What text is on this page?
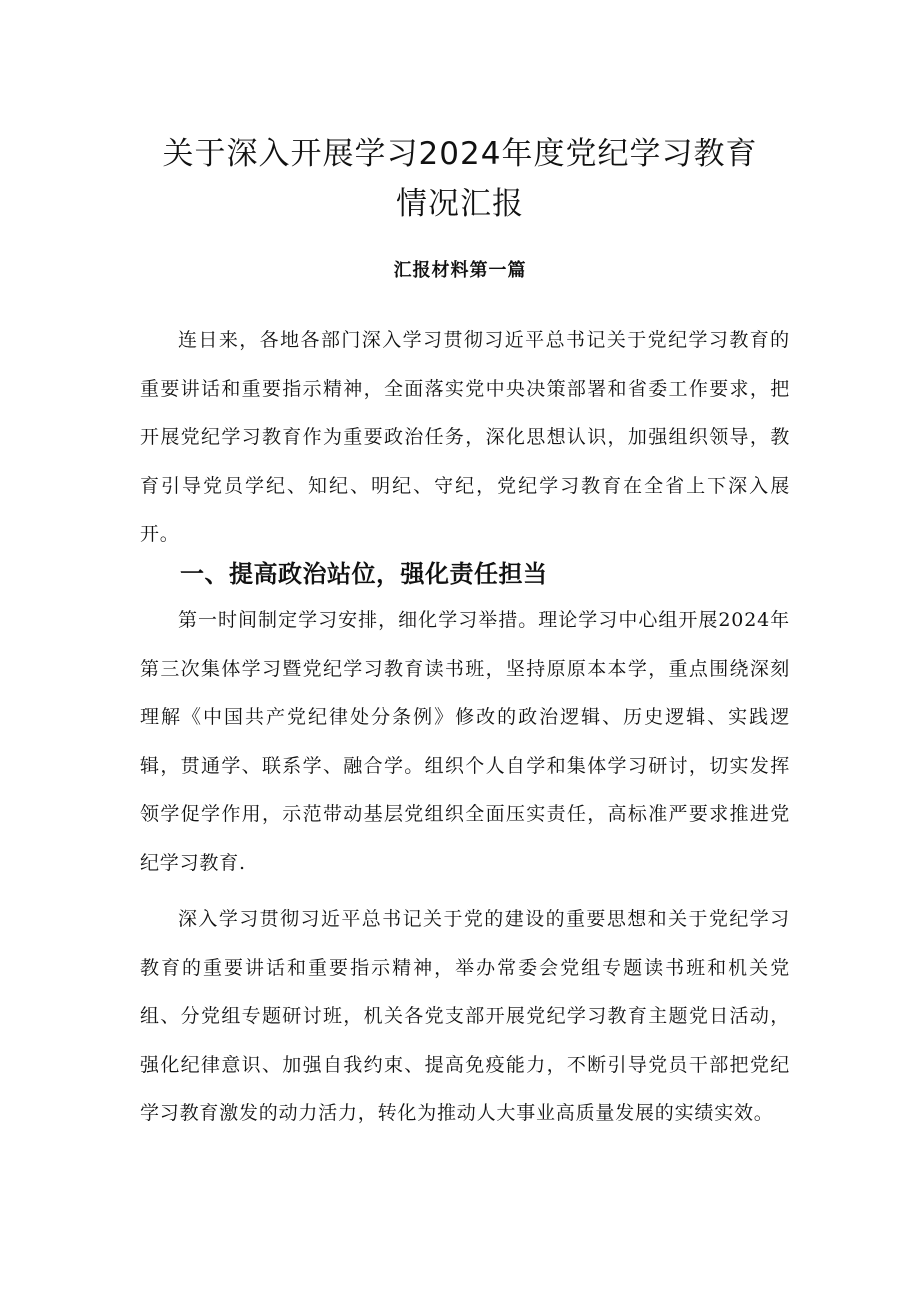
关于深入开展学习2024年度党纪学习教育
情况汇报
汇报材料第一篇

连日来，各地各部门深入学习贯彻习近平总书记关于党纪学习教育的重要讲话和重要指示精神，全面落实党中央决策部署和省委工作要求，把开展党纪学习教育作为重要政治任务，深化思想认识，加强组织领导，教育引导党员学纪、知纪、明纪、守纪，党纪学习教育在全省上下深入展开。

一、提高政治站位，强化责任担当

第一时间制定学习安排，细化学习举措。理论学习中心组开展2024年第三次集体学习暨党纪学习教育读书班，坚持原原本本学，重点围绕深刻理解《中国共产党纪律处分条例》修改的政治逻辑、历史逻辑、实践逻辑，贯通学、联系学、融合学。组织个人自学和集体学习研讨，切实发挥领学促学作用，示范带动基层党组织全面压实责任，高标准严要求推进党纪学习教育.

深入学习贯彻习近平总书记关于党的建设的重要思想和关于党纪学习教育的重要讲话和重要指示精神，举办常委会党组专题读书班和机关党组、分党组专题研讨班，机关各党支部开展党纪学习教育主题党日活动，强化纪律意识、加强自我约束、提高免疫能力，不断引导党员干部把党纪学习教育激发的动力活力，转化为推动人大事业高质量发展的实绩实效。
